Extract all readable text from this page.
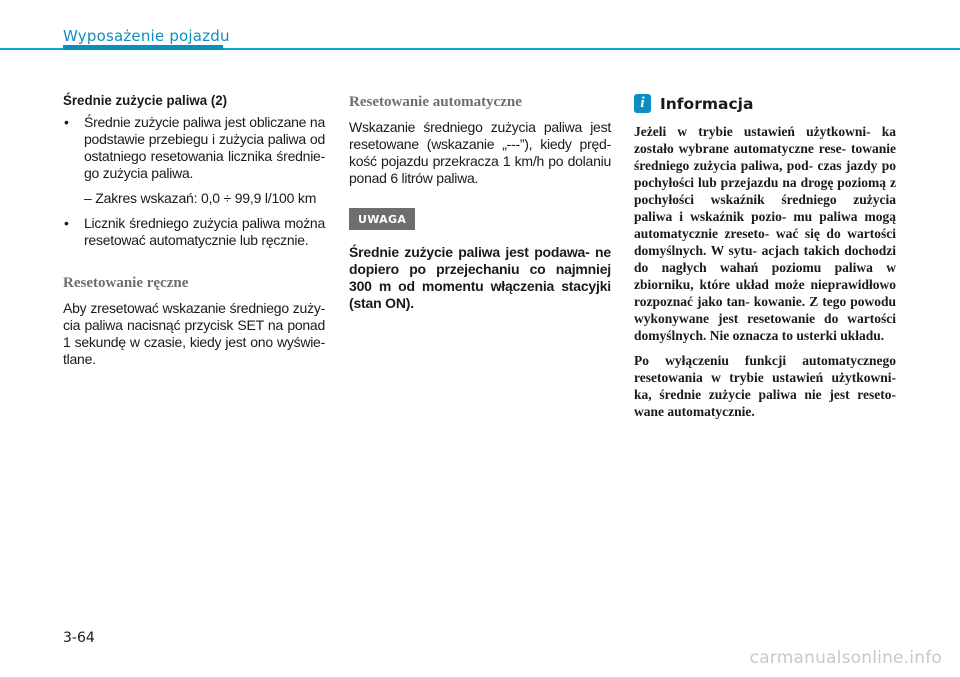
Wyposażenie pojazdu
Średnie zużycie paliwa (2)
• Średnie zużycie paliwa jest obliczane na podstawie przebiegu i zużycia paliwa od ostatniego resetowania licznika średnie- go zużycia paliwa.
– Zakres wskazań: 0,0 ÷ 99,9 l/100 km
• Licznik średniego zużycia paliwa można resetować automatycznie lub ręcznie.
Resetowanie ręczne

Aby zresetować wskazanie średniego zuży- cia paliwa nacisnąć przycisk SET na ponad 1 sekundę w czasie, kiedy jest ono wyświe- tlane.

Resetowanie automatyczne

Wskazanie średniego zużycia paliwa jest resetowane (wskazanie „---”), kiedy pręd- kość pojazdu przekracza 1 km/h po dolaniu ponad 6 litrów paliwa.

UWAGA

Średnie zużycie paliwa jest podawa- ne dopiero po przejechaniu co najmniej 300 m od momentu włączenia stacyjki (stan ON).

i Informacja

Jeżeli w trybie ustawień użytkowni- ka zostało wybrane automatyczne rese- towanie średniego zużycia paliwa, pod- czas jazdy po pochyłości lub przejazdu na drogę poziomą z pochyłości wskaźnik średniego zużycia paliwa i wskaźnik pozio- mu paliwa mogą automatycznie zreseto- wać się do wartości domyślnych. W sytu- acjach takich dochodzi do nagłych wahań poziomu paliwa w zbiorniku, które układ może nieprawidłowo rozpoznać jako tan- kowanie. Z tego powodu wykonywane jest resetowanie do wartości domyślnych. Nie oznacza to usterki układu.

Po wyłączeniu funkcji automatycznego resetowania w trybie ustawień użytkowni- ka, średnie zużycie paliwa nie jest reseto- wane automatycznie.

3-64
carmanualsonline.info
